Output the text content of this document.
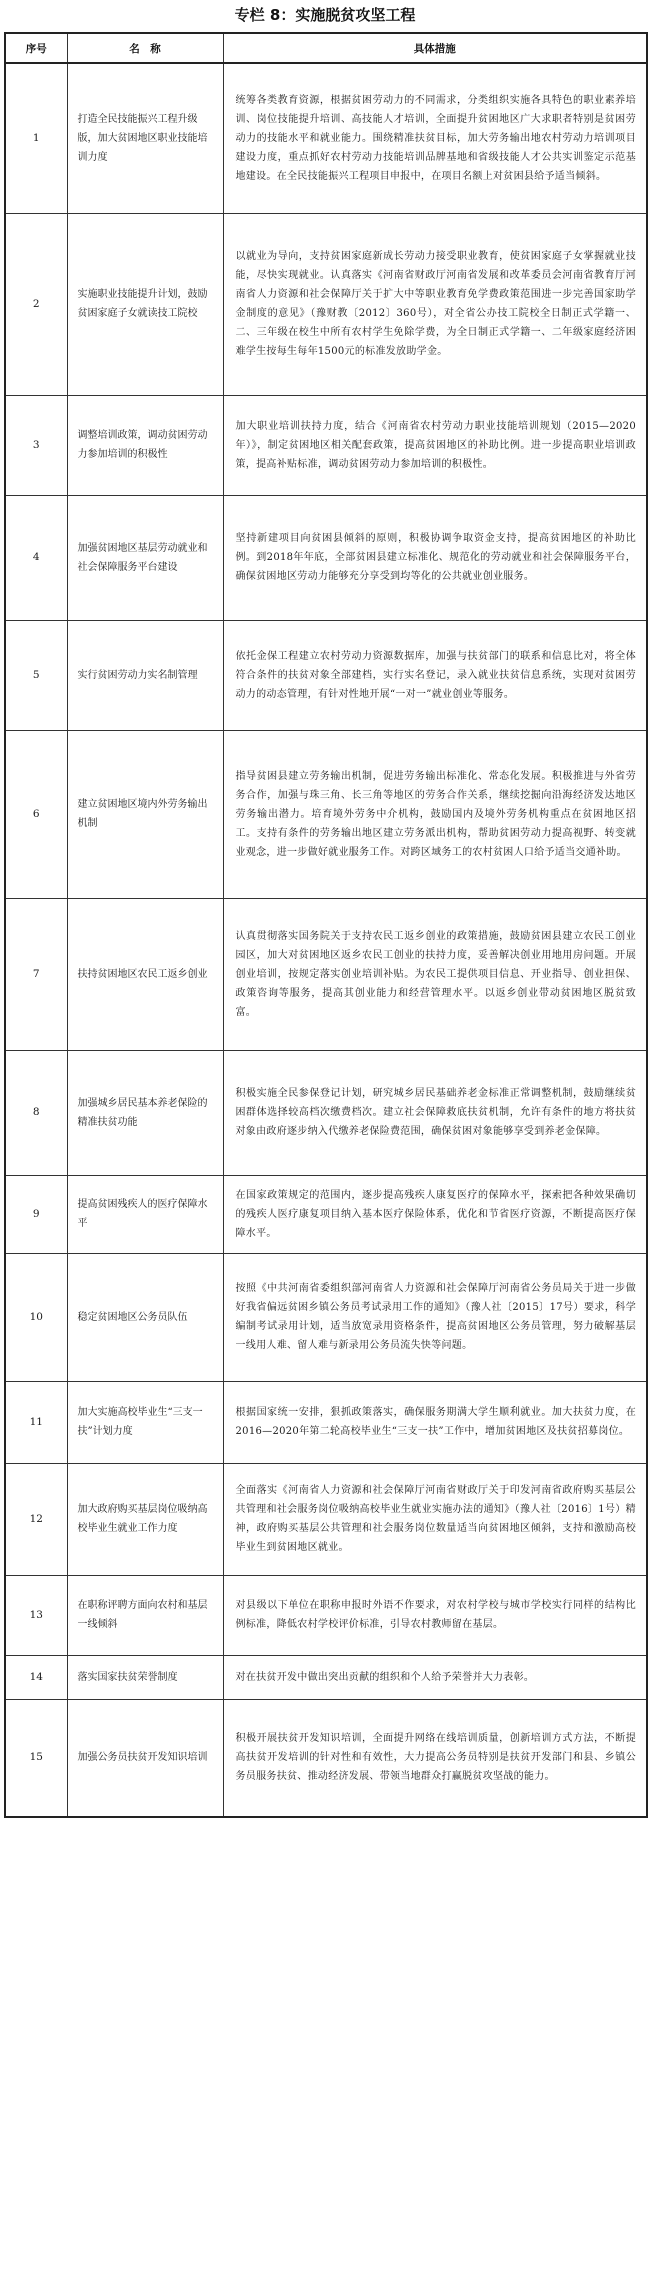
专栏 8：实施脱贫攻坚工程
序号	名　称	具体措施
1	打造全民技能振兴工程升级版，加大贫困地区职业技能培训力度	统筹各类教育资源，根据贫困劳动力的不同需求，分类组织实施各具特色的职业素养培训、岗位技能提升培训、高技能人才培训，全面提升贫困地区广大求职者特别是贫困劳动力的技能水平和就业能力。围绕精准扶贫目标，加大劳务输出地农村劳动力培训项目建设力度，重点抓好农村劳动力技能培训品牌基地和省级技能人才公共实训鉴定示范基地建设。在全民技能振兴工程项目申报中，在项目名额上对贫困县给予适当倾斜。
2	实施职业技能提升计划，鼓励贫困家庭子女就读技工院校	以就业为导向，支持贫困家庭新成长劳动力接受职业教育，使贫困家庭子女掌握就业技能，尽快实现就业。认真落实《河南省财政厅河南省发展和改革委员会河南省教育厅河南省人力资源和社会保障厅关于扩大中等职业教育免学费政策范围进一步完善国家助学金制度的意见》（豫财教〔2012〕360号），对全省公办技工院校全日制正式学籍一、二、三年级在校生中所有农村学生免除学费，为全日制正式学籍一、二年级家庭经济困难学生按每生每年1500元的标准发放助学金。
3	调整培训政策，调动贫困劳动力参加培训的积极性	加大职业培训扶持力度，结合《河南省农村劳动力职业技能培训规划（2015—2020年）》，制定贫困地区相关配套政策，提高贫困地区的补助比例。进一步提高职业培训政策，提高补贴标准，调动贫困劳动力参加培训的积极性。
4	加强贫困地区基层劳动就业和社会保障服务平台建设	坚持新建项目向贫困县倾斜的原则，积极协调争取资金支持，提高贫困地区的补助比例。到2018年年底，全部贫困县建立标准化、规范化的劳动就业和社会保障服务平台，确保贫困地区劳动力能够充分享受到均等化的公共就业创业服务。
5	实行贫困劳动力实名制管理	依托金保工程建立农村劳动力资源数据库，加强与扶贫部门的联系和信息比对，将全体符合条件的扶贫对象全部建档，实行实名登记，录入就业扶贫信息系统，实现对贫困劳动力的动态管理，有针对性地开展“一对一”就业创业等服务。
6	建立贫困地区境内外劳务输出机制	指导贫困县建立劳务输出机制，促进劳务输出标准化、常态化发展。积极推进与外省劳务合作，加强与珠三角、长三角等地区的劳务合作关系，继续挖掘向沿海经济发达地区劳务输出潜力。培育境外劳务中介机构，鼓励国内及境外劳务机构重点在贫困地区招工。支持有条件的劳务输出地区建立劳务派出机构，帮助贫困劳动力提高视野、转变就业观念，进一步做好就业服务工作。对跨区域务工的农村贫困人口给予适当交通补助。
7	扶持贫困地区农民工返乡创业	认真贯彻落实国务院关于支持农民工返乡创业的政策措施，鼓励贫困县建立农民工创业园区，加大对贫困地区返乡农民工创业的扶持力度，妥善解决创业用地用房问题。开展创业培训，按规定落实创业培训补贴。为农民工提供项目信息、开业指导、创业担保、政策咨询等服务，提高其创业能力和经营管理水平。以返乡创业带动贫困地区脱贫致富。
8	加强城乡居民基本养老保险的精准扶贫功能	积极实施全民参保登记计划，研究城乡居民基础养老金标准正常调整机制，鼓励继续贫困群体选择较高档次缴费档次。建立社会保障救底扶贫机制，允许有条件的地方将扶贫对象由政府逐步纳入代缴养老保险费范围，确保贫困对象能够享受到养老金保障。
9	提高贫困残疾人的医疗保障水平	在国家政策规定的范围内，逐步提高残疾人康复医疗的保障水平，探索把各种效果确切的残疾人医疗康复项目纳入基本医疗保险体系，优化和节省医疗资源，不断提高医疗保障水平。
10	稳定贫困地区公务员队伍	按照《中共河南省委组织部河南省人力资源和社会保障厅河南省公务员局关于进一步做好我省偏远贫困乡镇公务员考试录用工作的通知》（豫人社〔2015〕17号）要求，科学编制考试录用计划，适当放宽录用资格条件，提高贫困地区公务员管理，努力破解基层一线用人难、留人难与新录用公务员流失快等问题。
11	加大实施高校毕业生“三支一扶”计划力度	根据国家统一安排，狠抓政策落实，确保服务期满大学生顺利就业。加大扶贫力度，在2016—2020年第二轮高校毕业生“三支一扶”工作中，增加贫困地区及扶贫招募岗位。
12	加大政府购买基层岗位吸纳高校毕业生就业工作力度	全面落实《河南省人力资源和社会保障厅河南省财政厅关于印发河南省政府购买基层公共管理和社会服务岗位吸纳高校毕业生就业实施办法的通知》（豫人社〔2016〕1号）精神，政府购买基层公共管理和社会服务岗位数量适当向贫困地区倾斜，支持和激励高校毕业生到贫困地区就业。
13	在职称评聘方面向农村和基层一线倾斜	对县级以下单位在职称申报时外语不作要求，对农村学校与城市学校实行同样的结构比例标准，降低农村学校评价标准，引导农村教师留在基层。
14	落实国家扶贫荣誉制度	对在扶贫开发中做出突出贡献的组织和个人给予荣誉并大力表彰。
15	加强公务员扶贫开发知识培训	积极开展扶贫开发知识培训，全面提升网络在线培训质量，创新培训方式方法，不断提高扶贫开发培训的针对性和有效性，大力提高公务员特别是扶贫开发部门和县、乡镇公务员服务扶贫、推动经济发展、带领当地群众打赢脱贫攻坚战的能力。
